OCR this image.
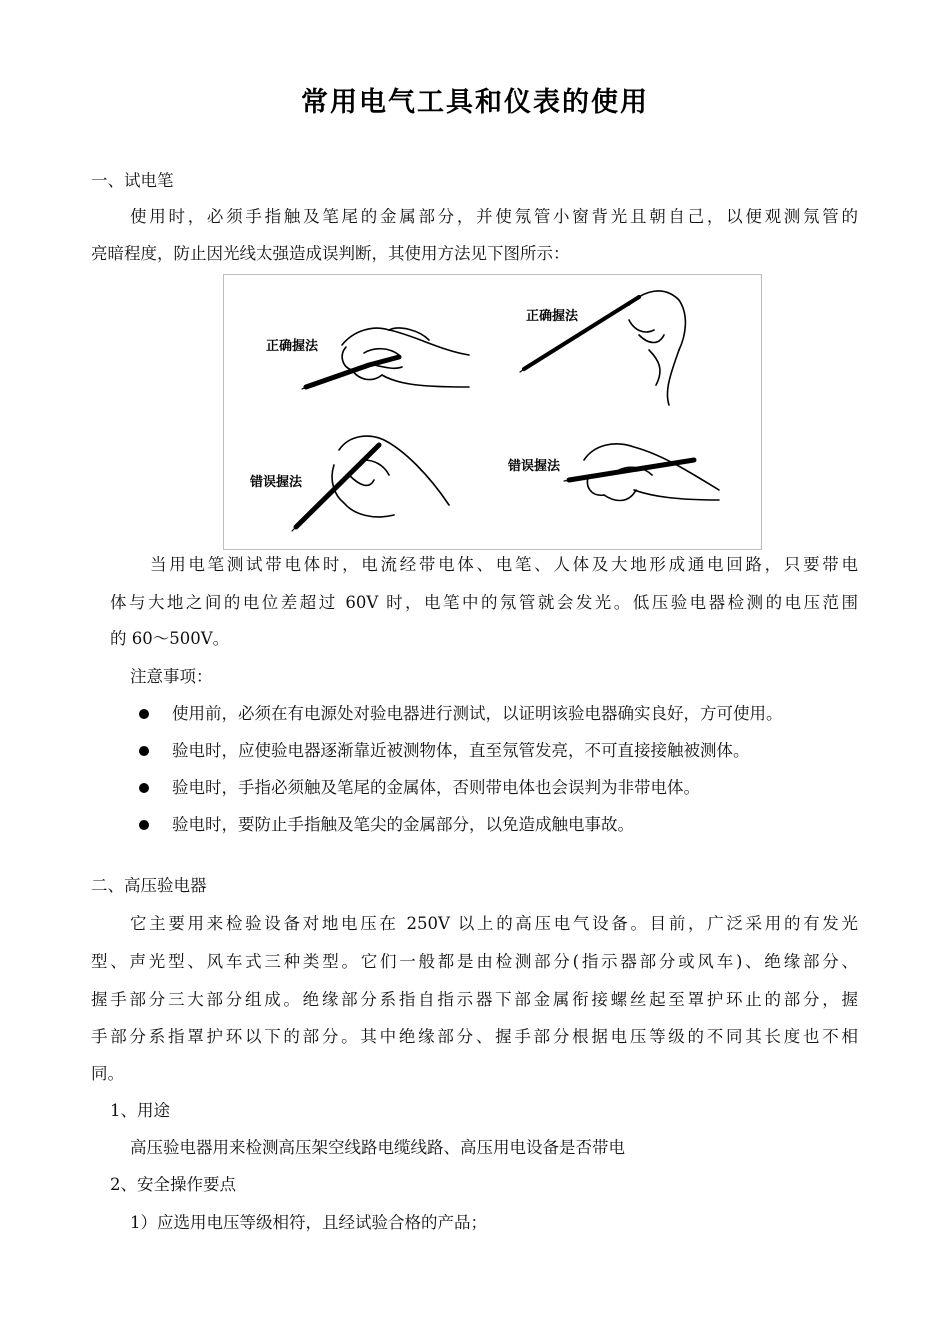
常用电气工具和仪表的使用
一、试电笔
使用时，必须手指触及笔尾的金属部分，并使氖管小窗背光且朝自己，以便观测氖管的
亮暗程度，防止因光线太强造成误判断，其使用方法见下图所示：
正确握法
正确握法
错误握法
错误握法
当用电笔测试带电体时，电流经带电体、电笔、人体及大地形成通电回路，只要带电
体与大地之间的电位差超过 60V 时，电笔中的氖管就会发光。低压验电器检测的电压范围
的 60～500V。
注意事项：
使用前，必须在有电源处对验电器进行测试，以证明该验电器确实良好，方可使用。
验电时，应使验电器逐渐靠近被测物体，直至氖管发亮，不可直接接触被测体。
验电时，手指必须触及笔尾的金属体，否则带电体也会误判为非带电体。
验电时，要防止手指触及笔尖的金属部分，以免造成触电事故。
二、高压验电器
它主要用来检验设备对地电压在 250V 以上的高压电气设备。目前，广泛采用的有发光
型、声光型、风车式三种类型。它们一般都是由检测部分(指示器部分或风车)、绝缘部分、
握手部分三大部分组成。绝缘部分系指自指示器下部金属衔接螺丝起至罩护环止的部分，握
手部分系指罩护环以下的部分。其中绝缘部分、握手部分根据电压等级的不同其长度也不相
同。
1、用途
高压验电器用来检测高压架空线路电缆线路、高压用电设备是否带电
2、安全操作要点
1）应选用电压等级相符，且经试验合格的产品；
